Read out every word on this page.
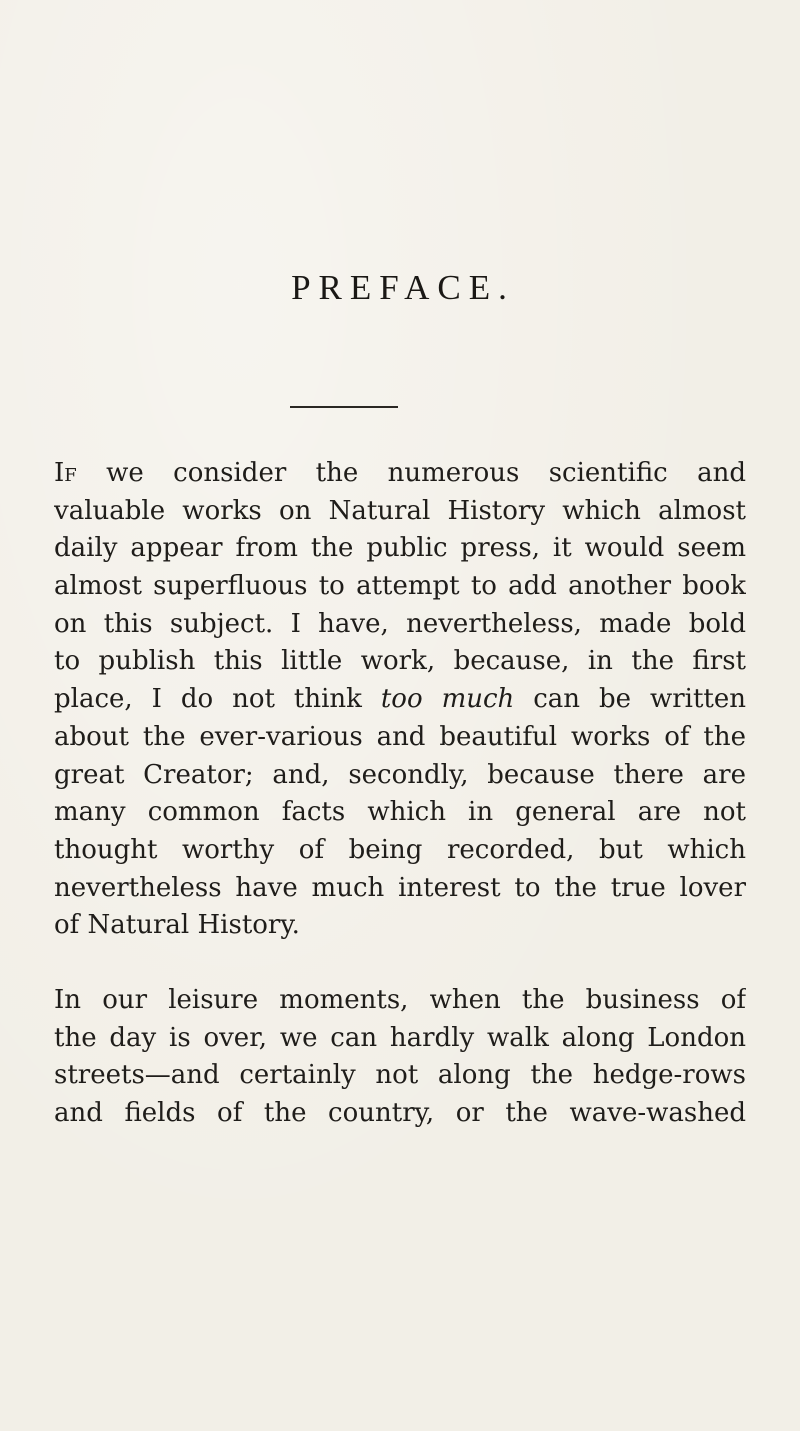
PREFACE.
If we consider the numerous scientific and
valuable works on Natural History which almost
daily appear from the public press, it would seem
almost superfluous to attempt to add another book
on this subject. I have, nevertheless, made bold
to publish this little work, because, in the first
place, I do not think too much can be written
about the ever-various and beautiful works of the
great Creator; and, secondly, because there are
many common facts which in general are not
thought worthy of being recorded, but which
nevertheless have much interest to the true lover
of Natural History.
In our leisure moments, when the business of
the day is over, we can hardly walk along London
streets—and certainly not along the hedge-rows
and fields of the country, or the wave-washed
